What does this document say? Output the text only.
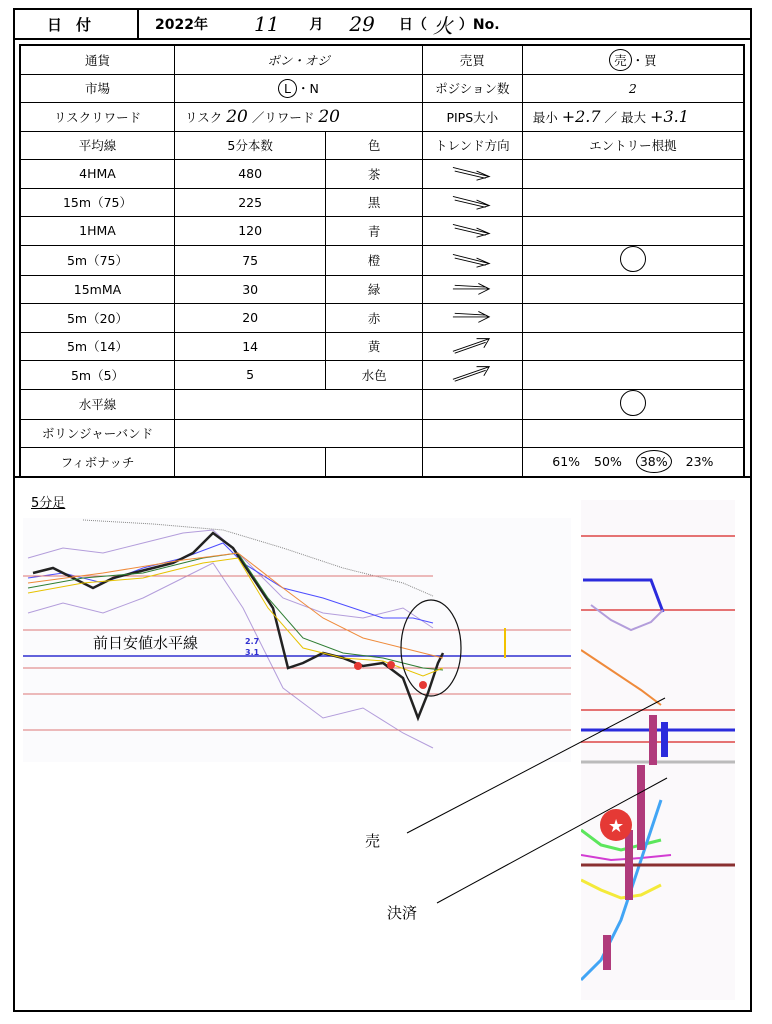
日付	2022年 11 月 29 日（ 火 ）No.
通貨	ポン・オジ		売買	売 ・買
市場	L ・N		ポジション数	2
リスクリワード	リスク 20 ／リワード 20		PIPS大小	最小 +2.7 ／ 最大 +3.1
平均線	5分本数	色	トレンド方向	エントリー根拠
4HMA	480	茶		
15m（75）	225	黒		
1HMA	120	青		
5m（75）	75	橙		
15mMA	30	緑		
5m（20）	20	赤		
5m（14）	14	黄		
5m（5）	5	水色		
水平線				
ボリンジャーバンド				
フィボナッチ				61% 50% 38% 23%
5分足
前日安値水平線	2.7
3.1
★
売
決済
